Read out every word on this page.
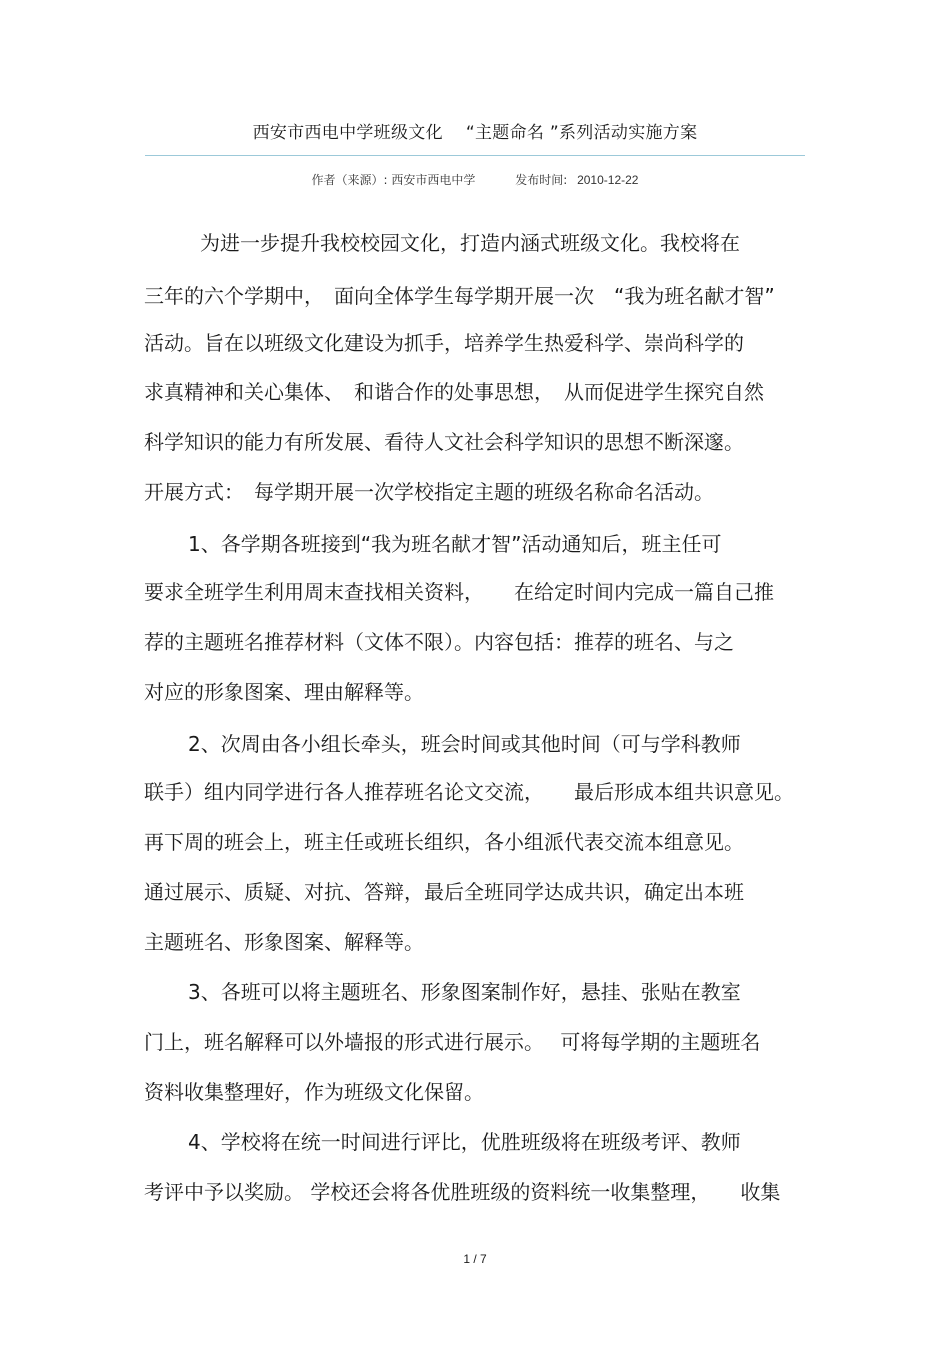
西安市西电中学班级文化　 “主题命名 ”系列活动实施方案
作者（来源）: 西安市西电中学	发布时间: 2010-12-22
为进一步提升我校校园文化，打造内涵式班级文化。我校将在
三年的六个学期中，　面向全体学生每学期开展一次　“我为班名献才智”
活动。旨在以班级文化建设为抓手，培养学生热爱科学、崇尚科学的
求真精神和关心集体、　和谐合作的处事思想，　从而促进学生探究自然
科学知识的能力有所发展、看待人文社会科学知识的思想不断深邃。
开展方式：　每学期开展一次学校指定主题的班级名称命名活动。
1、各学期各班接到“我为班名献才智”活动通知后，班主任可
要求全班学生利用周末查找相关资料，　　在给定时间内完成一篇自己推
荐的主题班名推荐材料（文体不限）。内容包括：推荐的班名、与之
对应的形象图案、理由解释等。
2、次周由各小组长牵头，班会时间或其他时间（可与学科教师
联手）组内同学进行各人推荐班名论文交流，　　最后形成本组共识意见。
再下周的班会上，班主任或班长组织，各小组派代表交流本组意见。
通过展示、质疑、对抗、答辩，最后全班同学达成共识，确定出本班
主题班名、形象图案、解释等。
3、各班可以将主题班名、形象图案制作好，悬挂、张贴在教室
门上，班名解释可以外墙报的形式进行展示。　 可将每学期的主题班名
资料收集整理好，作为班级文化保留。
4、学校将在统一时间进行评比，优胜班级将在班级考评、教师
考评中予以奖励。 学校还会将各优胜班级的资料统一收集整理，　　收集
1 / 7
